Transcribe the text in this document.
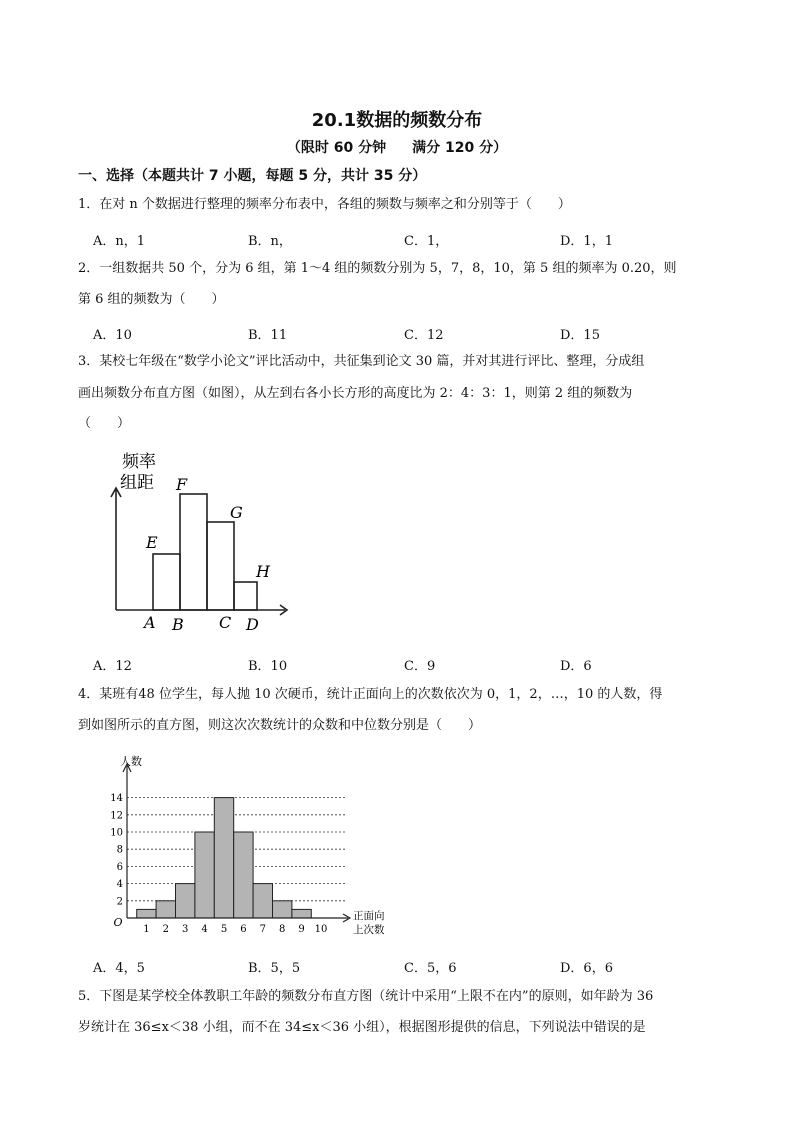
20.1数据的频数分布
（限时 60 分钟 满分 120 分）
一、选择（本题共计 7 小题，每题 5 分，共计 35 分）
1．在对 n 个数据进行整理的频率分布表中，各组的频数与频率之和分别等于（　　）
A．n，1	B．n，	C．1，	D．1，1
2．一组数据共 50 个，分为 6 组，第 1～4 组的频数分别为 5，7，8，10，第 5 组的频率为 0.20，则
第 6 组的频数为（　　）
A．10	B．11	C．12	D．15
3．某校七年级在“数学小论文”评比活动中，共征集到论文 30 篇，并对其进行评比、整理，分成组
画出频数分布直方图（如图），从左到右各小长方形的高度比为 2：4：3：1，则第 2 组的频数为
（　　）
频率
组距
E
F
G
H
A B C D
A．12	B．10	C．9	D．6
4．某班有48 位学生，每人抛 10 次硬币，统计正面向上的次数依次为 0，1，2，…，10 的人数，得
到如图所示的直方图，则这次次数统计的众数和中位数分别是（　　）
2
4
6
8
10
12
14
1 2 3 4 5 6 7 8 9 10
O
人数
正面向
上次数
A．4，5	B．5，5	C．5，6	D．6，6
5．下图是某学校全体教职工年龄的频数分布直方图（统计中采用“上限不在内”的原则，如年龄为 36
岁统计在 36≤x＜38 小组，而不在 34≤x＜36 小组），根据图形提供的信息，下列说法中错误的是
